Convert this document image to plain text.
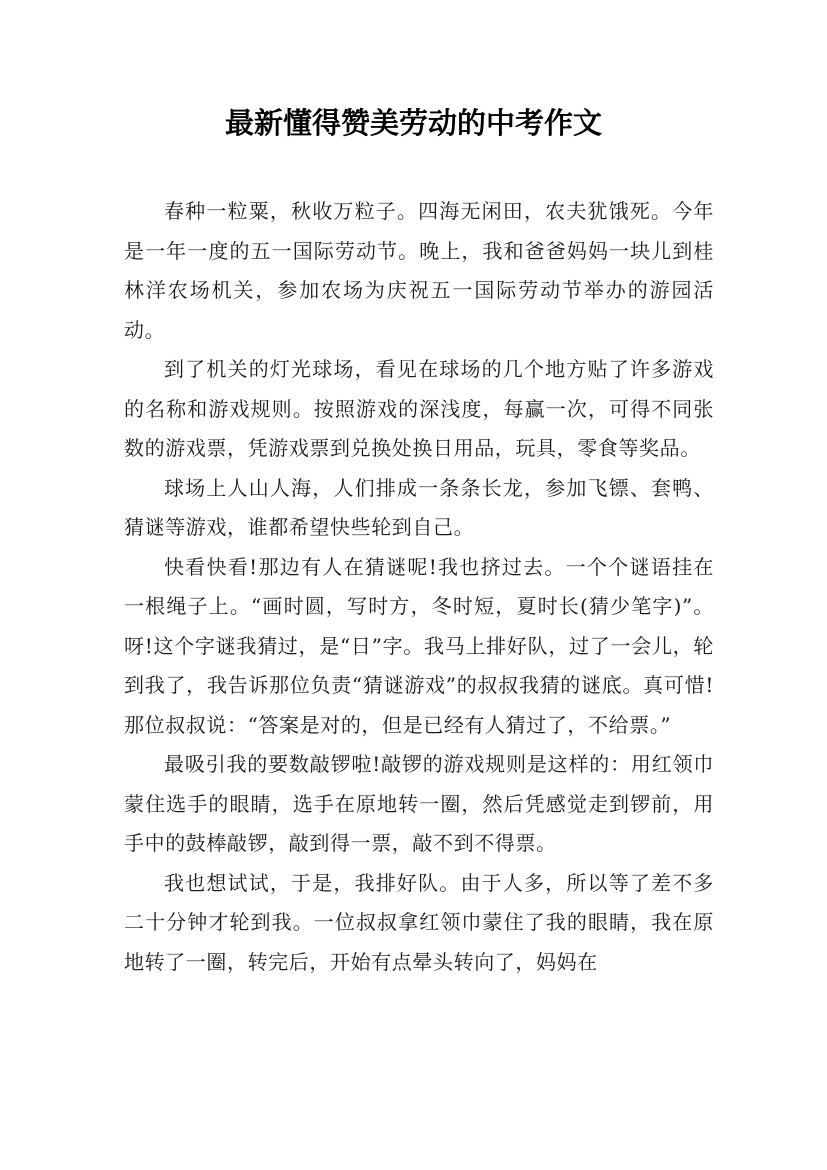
最新懂得赞美劳动的中考作文

春种一粒粟，秋收万粒子。四海无闲田，农夫犹饿死。今年是一年一度的五一国际劳动节。晚上，我和爸爸妈妈一块儿到桂林洋农场机关，参加农场为庆祝五一国际劳动节举办的游园活动。

到了机关的灯光球场，看见在球场的几个地方贴了许多游戏的名称和游戏规则。按照游戏的深浅度，每赢一次，可得不同张数的游戏票，凭游戏票到兑换处换日用品，玩具，零食等奖品。

球场上人山人海，人们排成一条条长龙，参加飞镖、套鸭、猜谜等游戏，谁都希望快些轮到自己。

快看快看!那边有人在猜谜呢!我也挤过去。一个个谜语挂在一根绳子上。“画时圆，写时方，冬时短，夏时长(猜少笔字)”。呀!这个字谜我猜过，是“日”字。我马上排好队，过了一会儿，轮到我了，我告诉那位负责“猜谜游戏”的叔叔我猜的谜底。真可惜!那位叔叔说：“答案是对的，但是已经有人猜过了，不给票。”

最吸引我的要数敲锣啦!敲锣的游戏规则是这样的：用红领巾蒙住选手的眼睛，选手在原地转一圈，然后凭感觉走到锣前，用手中的鼓棒敲锣，敲到得一票，敲不到不得票。

我也想试试，于是，我排好队。由于人多，所以等了差不多二十分钟才轮到我。一位叔叔拿红领巾蒙住了我的眼睛，我在原地转了一圈，转完后，开始有点晕头转向了，妈妈在
